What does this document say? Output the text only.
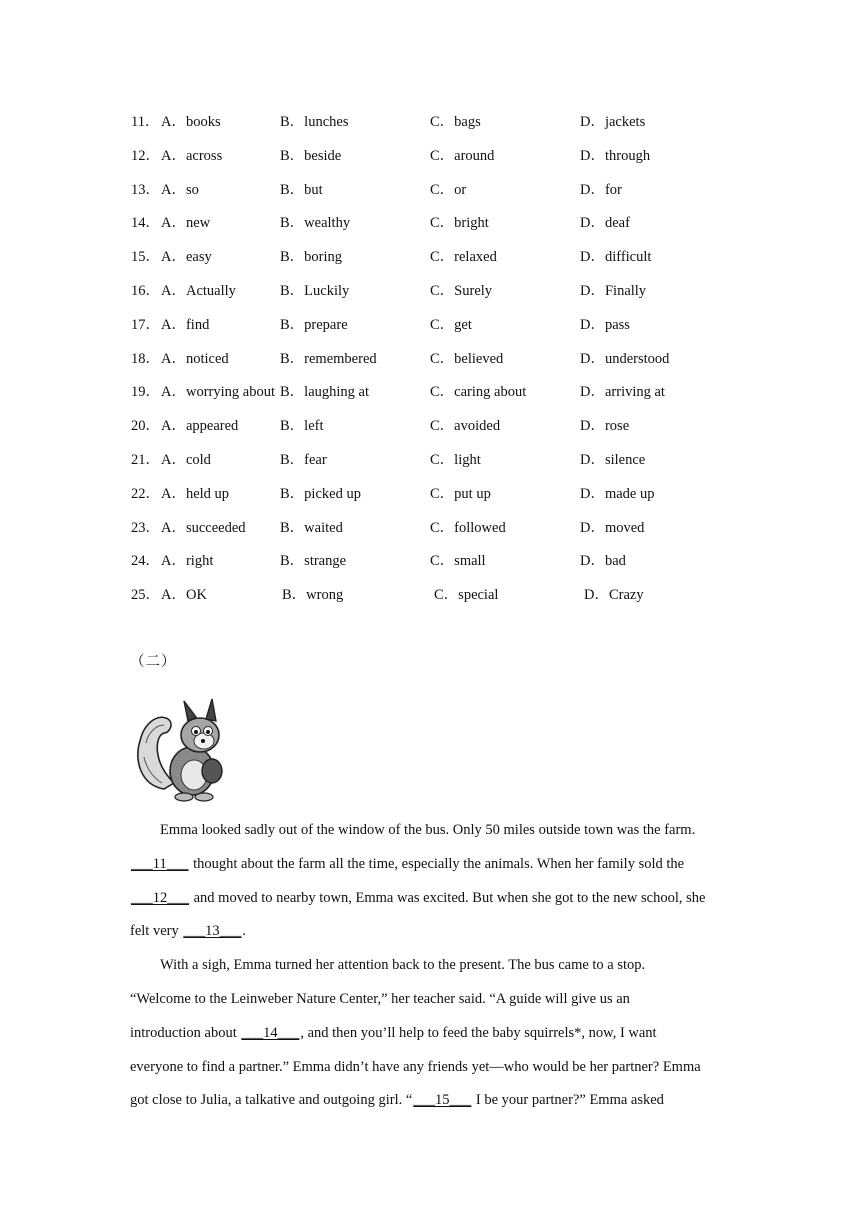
11． A．books	B．lunches	C．bags	D．jackets
12． A．across	B．beside	C．around	D．through
13． A．so	B．but	C．or	D．for
14． A．new	B．wealthy	C．bright	D．deaf
15． A．easy	B．boring	C．relaxed	D．difficult
16． A．Actually	B．Luckily	C．Surely	D．Finally
17． A．find	B．prepare	C．get	D．pass
18． A．noticed	B．remembered	C．believed	D．understood
19． A．worrying about B．laughing at	C．caring about	D．arriving at
20． A．appeared	B．left	C．avoided	D．rose
21． A．cold	B．fear	C．light	D．silence
22． A．held up	B．picked up	C．put up	D．made up
23． A．succeeded B．waited	C．followed	D．moved
24． A．right	B．strange	C．small	D．bad
25． A．OK	B．wrong	C．special	D．Crazy
（二）
Emma looked sadly out of the window of the bus. Only 50 miles outside town was the farm.
___11___ thought about the farm all the time, especially the animals. When her family sold the
___12___ and moved to nearby town, Emma was excited. But when she got to the new school, she
felt very ___13___.
With a sigh, Emma turned her attention back to the present. The bus came to a stop.
“Welcome to the Leinweber Nature Center,” her teacher said. “A guide will give us an
introduction about ___14___, and then you’ll help to feed the baby squirrels*, now, I want
everyone to find a partner.” Emma didn’t have any friends yet—who would be her partner? Emma
got close to Julia, a talkative and outgoing girl. “___15___ I be your partner?” Emma asked
